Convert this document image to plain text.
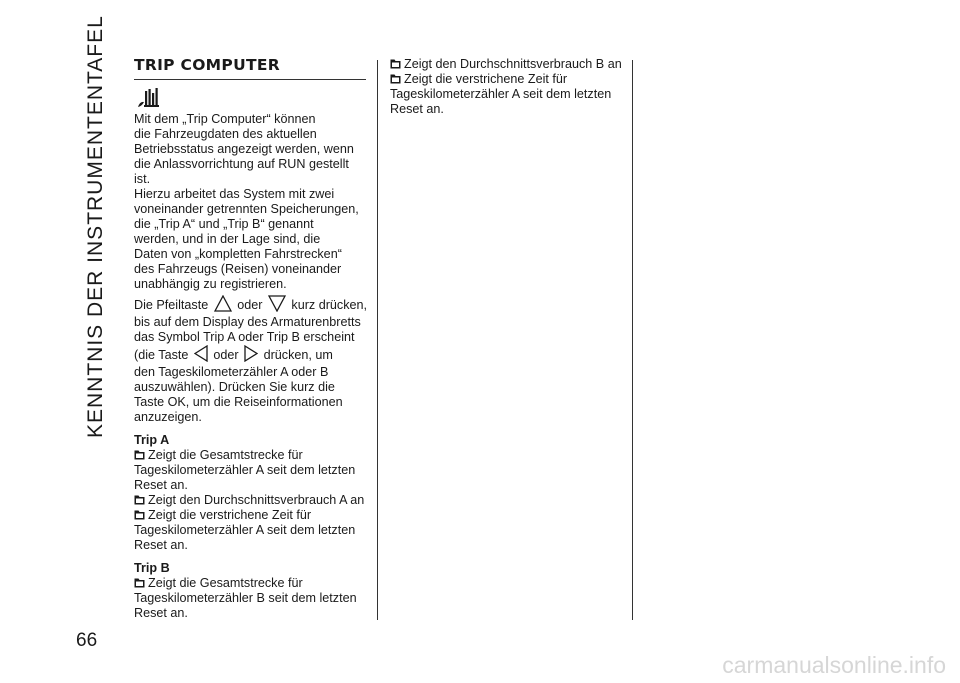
KENNTNIS DER INSTRUMENTENTAFEL
66
TRIP COMPUTER

Mit dem „Trip Computer“ können

die Fahrzeugdaten des aktuellen

Betriebsstatus angezeigt werden, wenn

die Anlassvorrichtung auf RUN gestellt

ist.

Hierzu arbeitet das System mit zwei

voneinander getrennten Speicherungen,

die „Trip A“ und „Trip B“ genannt

werden, und in der Lage sind, die

Daten von „kompletten Fahrstrecken“

des Fahrzeugs (Reisen) voneinander

unabhängig zu registrieren.

Die Pfeiltaste oder kurz drücken,

bis auf dem Display des Armaturenbretts

das Symbol Trip A oder Trip B erscheint

(die Taste oder drücken, um

den Tageskilometerzähler A oder B

auszuwählen). Drücken Sie kurz die

Taste OK, um die Reiseinformationen

anzuzeigen.

Trip A
Zeigt die Gesamtstrecke für

Tageskilometerzähler A seit dem letzten

Reset an.

Zeigt den Durchschnittsverbrauch A an
Zeigt die verstrichene Zeit für

Tageskilometerzähler A seit dem letzten

Reset an.

Trip B
Zeigt die Gesamtstrecke für

Tageskilometerzähler B seit dem letzten

Reset an.

Zeigt den Durchschnittsverbrauch B an
Zeigt die verstrichene Zeit für

Tageskilometerzähler A seit dem letzten

Reset an.

carmanualsonline.info
